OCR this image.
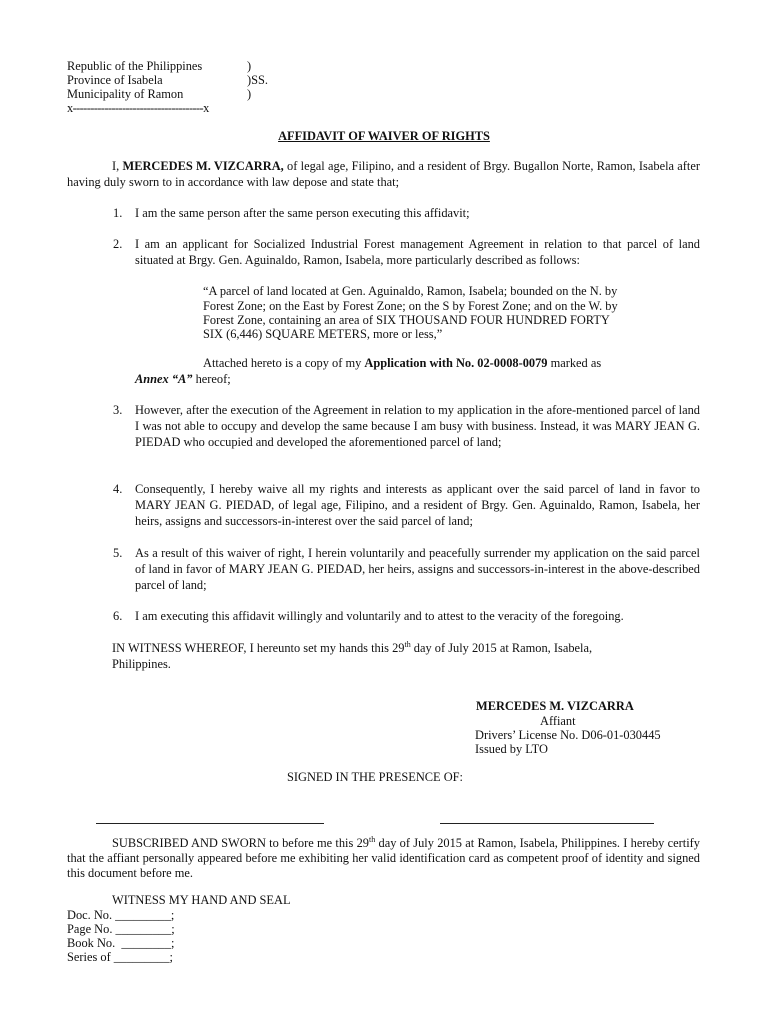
Republic of the Philippines	)
Province of Isabela	)SS.
Municipality of Ramon	)
x-------------------------------------x
AFFIDAVIT OF WAIVER OF RIGHTS
I, MERCEDES M. VIZCARRA, of legal age, Filipino, and a resident of Brgy. Bugallon Norte, Ramon, Isabela after having duly sworn to in accordance with law depose and state that;
1. I am the same person after the same person executing this affidavit;
2. I am an applicant for Socialized Industrial Forest management Agreement in relation to that parcel of land situated at Brgy. Gen. Aguinaldo, Ramon, Isabela, more particularly described as follows:
“A parcel of land located at Gen. Aguinaldo, Ramon, Isabela; bounded on the N. by
Forest Zone; on the East by Forest Zone; on the S by Forest Zone; and on the W. by
Forest Zone, containing an area of SIX THOUSAND FOUR HUNDRED FORTY
SIX (6,446) SQUARE METERS, more or less,”
Attached hereto is a copy of my Application with No. 02-0008-0079 marked as
Annex “A” hereof;
3. However, after the execution of the Agreement in relation to my application in the afore-mentioned parcel of land I was not able to occupy and develop the same because I am busy with business. Instead, it was MARY JEAN G. PIEDAD who occupied and developed the aforementioned parcel of land;
4. Consequently, I hereby waive all my rights and interests as applicant over the said parcel of land in favor to MARY JEAN G. PIEDAD, of legal age, Filipino, and a resident of Brgy. Gen. Aguinaldo, Ramon, Isabela, her heirs, assigns and successors-in-interest over the said parcel of land;
5. As a result of this waiver of right, I herein voluntarily and peacefully surrender my application on the said parcel of land in favor of MARY JEAN G. PIEDAD, her heirs, assigns and successors-in-interest in the above-described parcel of land;
6. I am executing this affidavit willingly and voluntarily and to attest to the veracity of the foregoing.
IN WITNESS WHEREOF, I hereunto set my hands this 29th day of July 2015 at Ramon, Isabela,
Philippines.
MERCEDES M. VIZCARRA
Affiant
Drivers’ License No. D06-01-030445
Issued by LTO
SIGNED IN THE PRESENCE OF:
SUBSCRIBED AND SWORN to before me this 29th day of July 2015 at Ramon, Isabela, Philippines. I hereby certify that the affiant personally appeared before me exhibiting her valid identification card as competent proof of identity and signed this document before me.
WITNESS MY HAND AND SEAL
Doc. No. _________;
Page No. _________;
Book No.  ________;
Series of _________;
